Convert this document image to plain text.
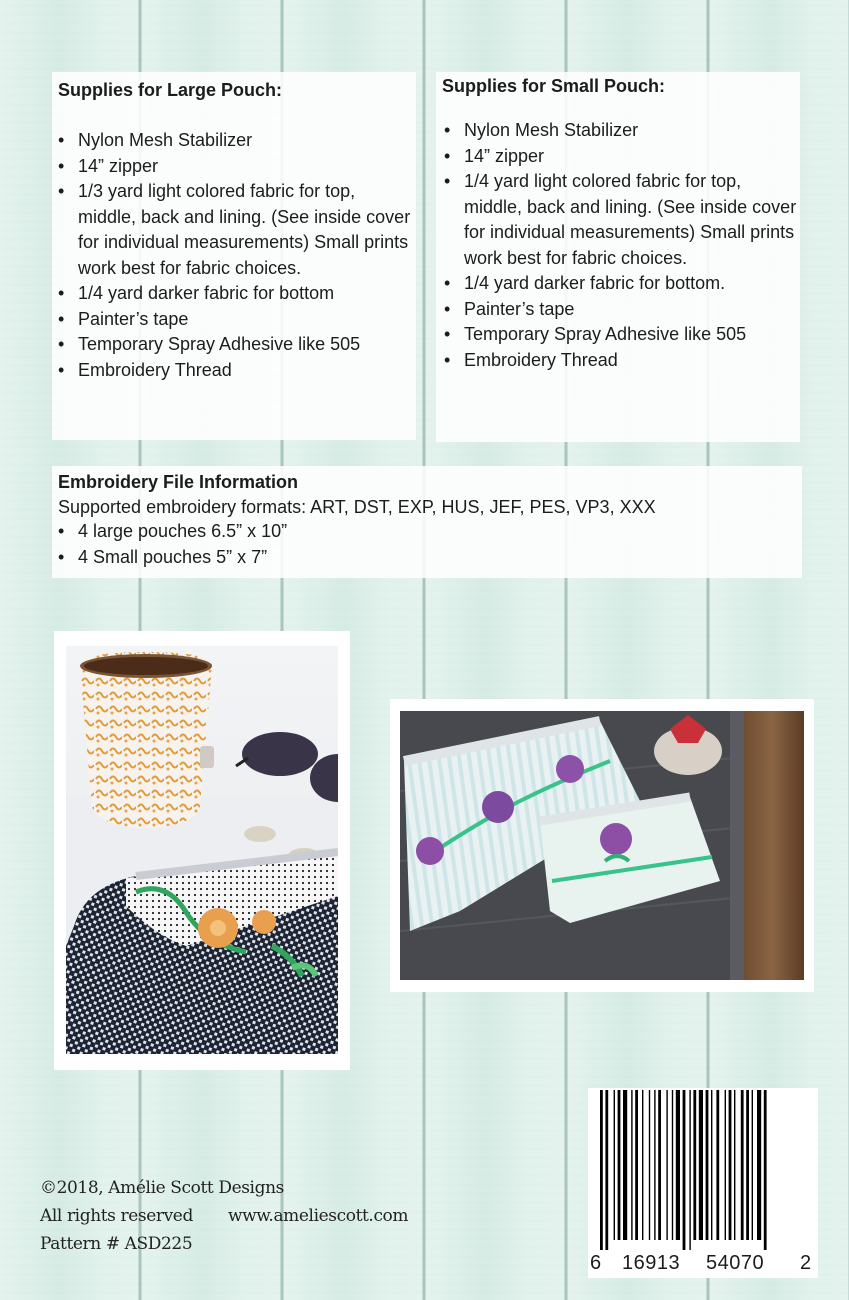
Supplies for Large Pouch:
• Nylon Mesh Stabilizer
• 14” zipper
• 1/3 yard light colored fabric for top, middle, back and lining. (See inside cover for individual measurements) Small prints work best for fabric choices.
• 1/4 yard darker fabric for bottom
• Painter’s tape
• Temporary Spray Adhesive like 505
• Embroidery Thread
Supplies for Small Pouch:
• Nylon Mesh Stabilizer
• 14” zipper
• 1/4 yard light colored fabric for top, middle, back and lining. (See inside cover for individual measurements) Small prints work best for fabric choices.
• 1/4 yard darker fabric for bottom.
• Painter’s tape
• Temporary Spray Adhesive like 505
• Embroidery Thread
Embroidery File Information

Supported embroidery formats: ART, DST, EXP, HUS, JEF, PES, VP3, XXX

• 4 large pouches 6.5” x 10”
• 4 Small pouches 5” x 7”
6 16913 54070 2
©2018, Amélie Scott Designs
All rights reserved www.ameliescott.com
Pattern # ASD225
